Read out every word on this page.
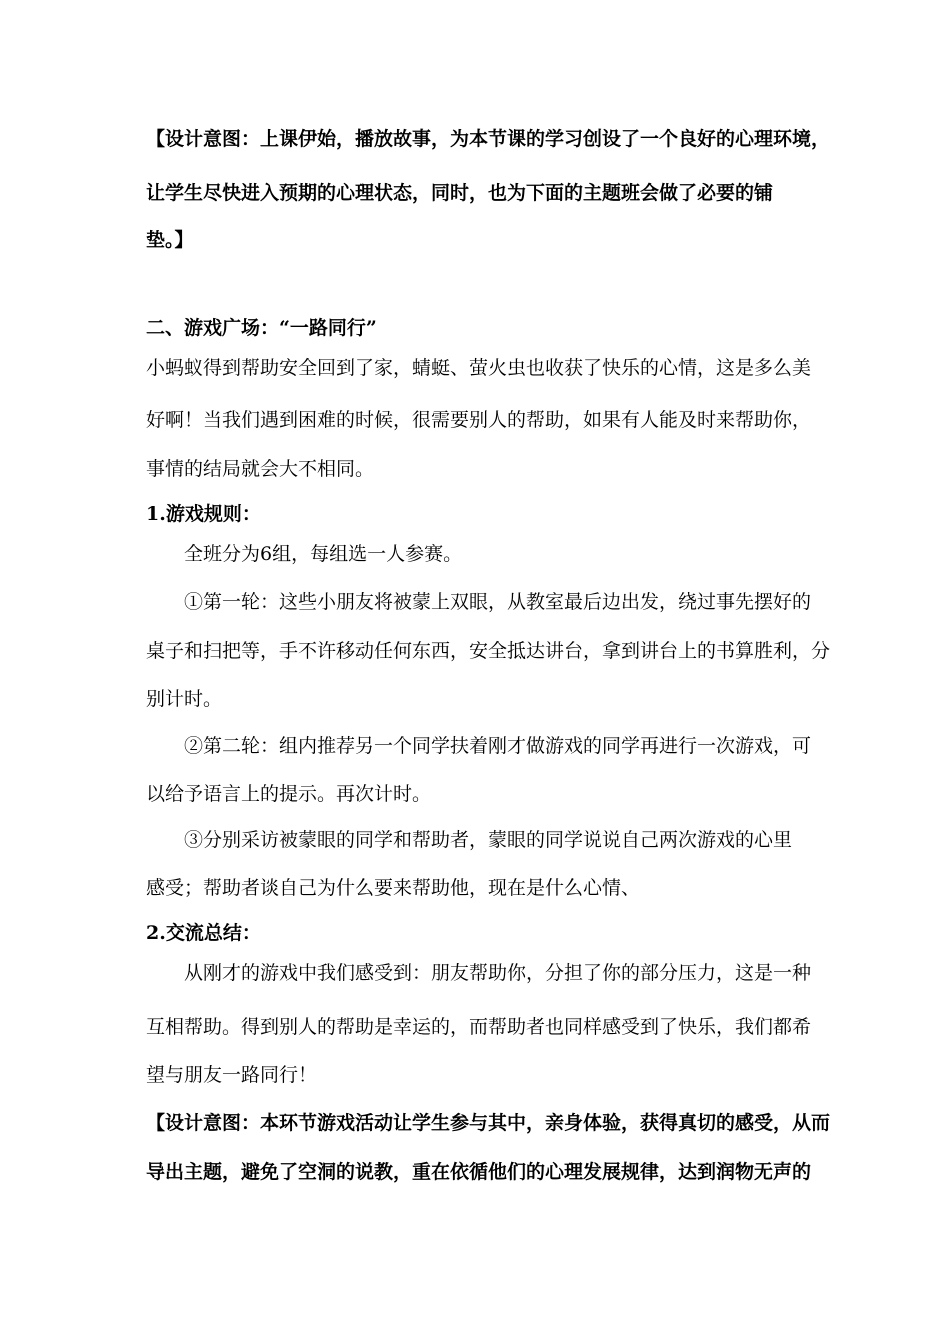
【设计意图：上课伊始，播放故事，为本节课的学习创设了一个良好的心理环境，
让学生尽快进入预期的心理状态，同时，也为下面的主题班会做了必要的铺
垫。】
二、游戏广场：“一路同行”
小蚂蚁得到帮助安全回到了家，蜻蜓、萤火虫也收获了快乐的心情，这是多么美
好啊！当我们遇到困难的时候，很需要别人的帮助，如果有人能及时来帮助你，
事情的结局就会大不相同。
1.游戏规则：
全班分为6组，每组选一人参赛。
①第一轮：这些小朋友将被蒙上双眼，从教室最后边出发，绕过事先摆好的
桌子和扫把等，手不许移动任何东西，安全抵达讲台，拿到讲台上的书算胜利，分
别计时。
②第二轮：组内推荐另一个同学扶着刚才做游戏的同学再进行一次游戏，可
以给予语言上的提示。再次计时。
③分别采访被蒙眼的同学和帮助者，蒙眼的同学说说自己两次游戏的心里
感受；帮助者谈自己为什么要来帮助他，现在是什么心情、
2.交流总结：
从刚才的游戏中我们感受到：朋友帮助你，分担了你的部分压力，这是一种
互相帮助。得到别人的帮助是幸运的，而帮助者也同样感受到了快乐，我们都希
望与朋友一路同行！
【设计意图：本环节游戏活动让学生参与其中，亲身体验，获得真切的感受，从而
导出主题，避免了空洞的说教，重在依循他们的心理发展规律，达到润物无声的
